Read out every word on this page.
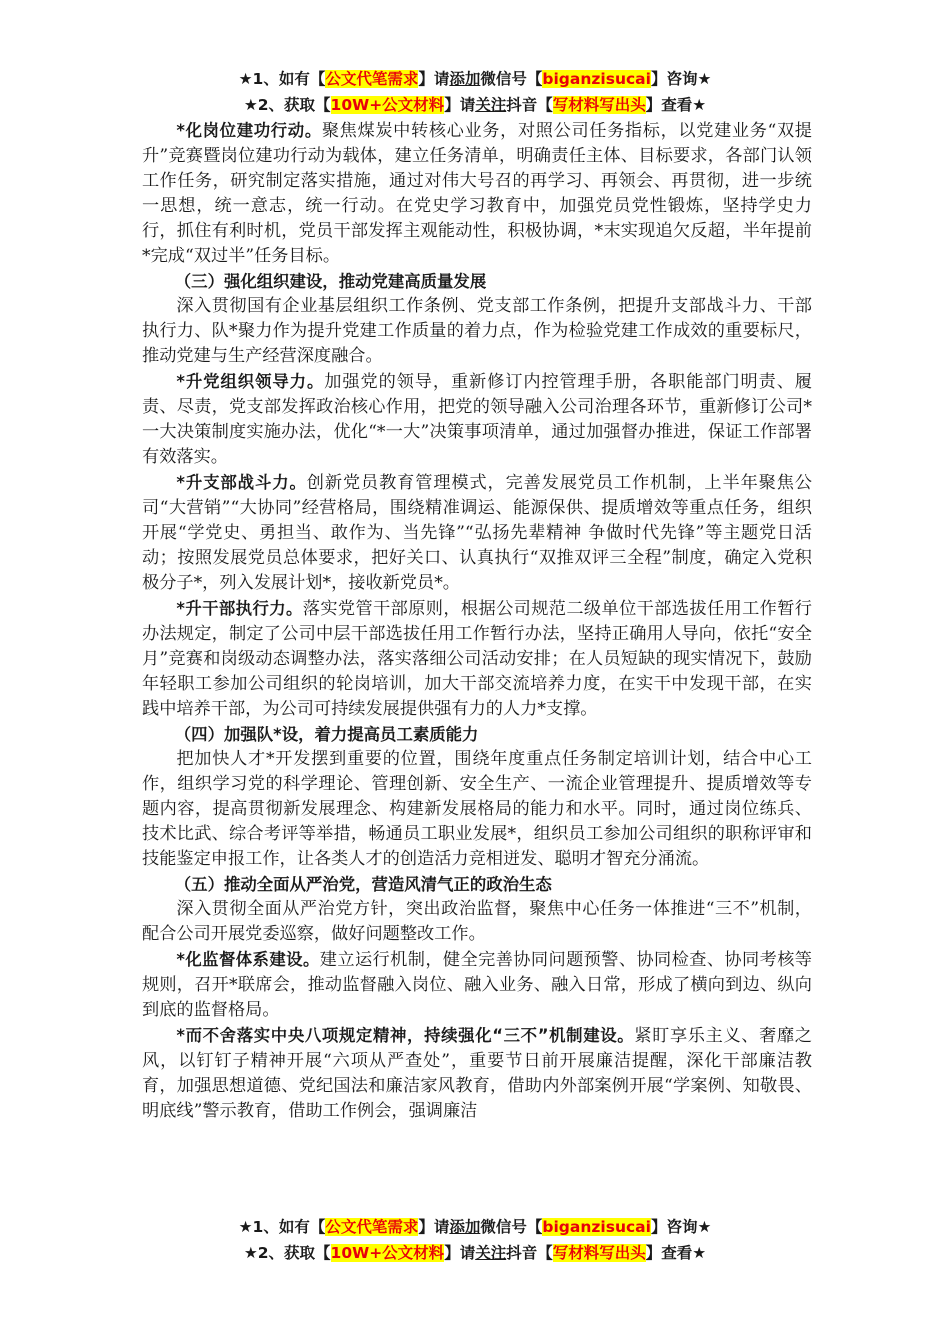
★1、如有【公文代笔需求】请添加微信号【biganzisucai】咨询★
★2、获取【10W+公文材料】请关注抖音【写材料写出头】查看★

*化岗位建功行动。聚焦煤炭中转核心业务，对照公司任务指标，以党建业务“双提升”竞赛暨岗位建功行动为载体，建立任务清单，明确责任主体、目标要求，各部门认领工作任务，研究制定落实措施，通过对伟大号召的再学习、再领会、再贯彻，进一步统一思想，统一意志，统一行动。在党史学习教育中，加强党员党性锻炼，坚持学史力行，抓住有利时机，党员干部发挥主观能动性，积极协调，*末实现追欠反超，半年提前*完成“双过半”任务目标。

（三）强化组织建设，推动党建高质量发展

深入贯彻国有企业基层组织工作条例、党支部工作条例，把提升支部战斗力、干部执行力、队*聚力作为提升党建工作质量的着力点，作为检验党建工作成效的重要标尺，推动党建与生产经营深度融合。

*升党组织领导力。加强党的领导，重新修订内控管理手册，各职能部门明责、履责、尽责，党支部发挥政治核心作用，把党的领导融入公司治理各环节，重新修订公司*一大决策制度实施办法，优化“*一大”决策事项清单，通过加强督办推进，保证工作部署有效落实。

*升支部战斗力。创新党员教育管理模式，完善发展党员工作机制，上半年聚焦公司“大营销”“大协同”经营格局，围绕精准调运、能源保供、提质增效等重点任务，组织开展“学党史、勇担当、敢作为、当先锋”“弘扬先辈精神 争做时代先锋”等主题党日活动；按照发展党员总体要求，把好关口、认真执行“双推双评三全程”制度，确定入党积极分子*，列入发展计划*，接收新党员*。

*升干部执行力。落实党管干部原则，根据公司规范二级单位干部选拔任用工作暂行办法规定，制定了公司中层干部选拔任用工作暂行办法，坚持正确用人导向，依托“安全月”竞赛和岗级动态调整办法，落实落细公司活动安排；在人员短缺的现实情况下，鼓励年轻职工参加公司组织的轮岗培训，加大干部交流培养力度，在实干中发现干部，在实践中培养干部，为公司可持续发展提供强有力的人力*支撑。

（四）加强队*设，着力提高员工素质能力

把加快人才*开发摆到重要的位置，围绕年度重点任务制定培训计划，结合中心工作，组织学习党的科学理论、管理创新、安全生产、一流企业管理提升、提质增效等专题内容，提高贯彻新发展理念、构建新发展格局的能力和水平。同时，通过岗位练兵、技术比武、综合考评等举措，畅通员工职业发展*，组织员工参加公司组织的职称评审和技能鉴定申报工作，让各类人才的创造活力竞相迸发、聪明才智充分涌流。

（五）推动全面从严治党，营造风清气正的政治生态

深入贯彻全面从严治党方针，突出政治监督，聚焦中心任务一体推进“三不”机制，配合公司开展党委巡察，做好问题整改工作。

*化监督体系建设。建立运行机制，健全完善协同问题预警、协同检查、协同考核等规则，召开*联席会，推动监督融入岗位、融入业务、融入日常，形成了横向到边、纵向到底的监督格局。

*而不舍落实中央八项规定精神，持续强化“三不”机制建设。紧盯享乐主义、奢靡之风，以钉钉子精神开展“六项从严查处”，重要节日前开展廉洁提醒，深化干部廉洁教育，加强思想道德、党纪国法和廉洁家风教育，借助内外部案例开展“学案例、知敬畏、明底线”警示教育，借助工作例会，强调廉洁

★1、如有【公文代笔需求】请添加微信号【biganzisucai】咨询★
★2、获取【10W+公文材料】请关注抖音【写材料写出头】查看★
